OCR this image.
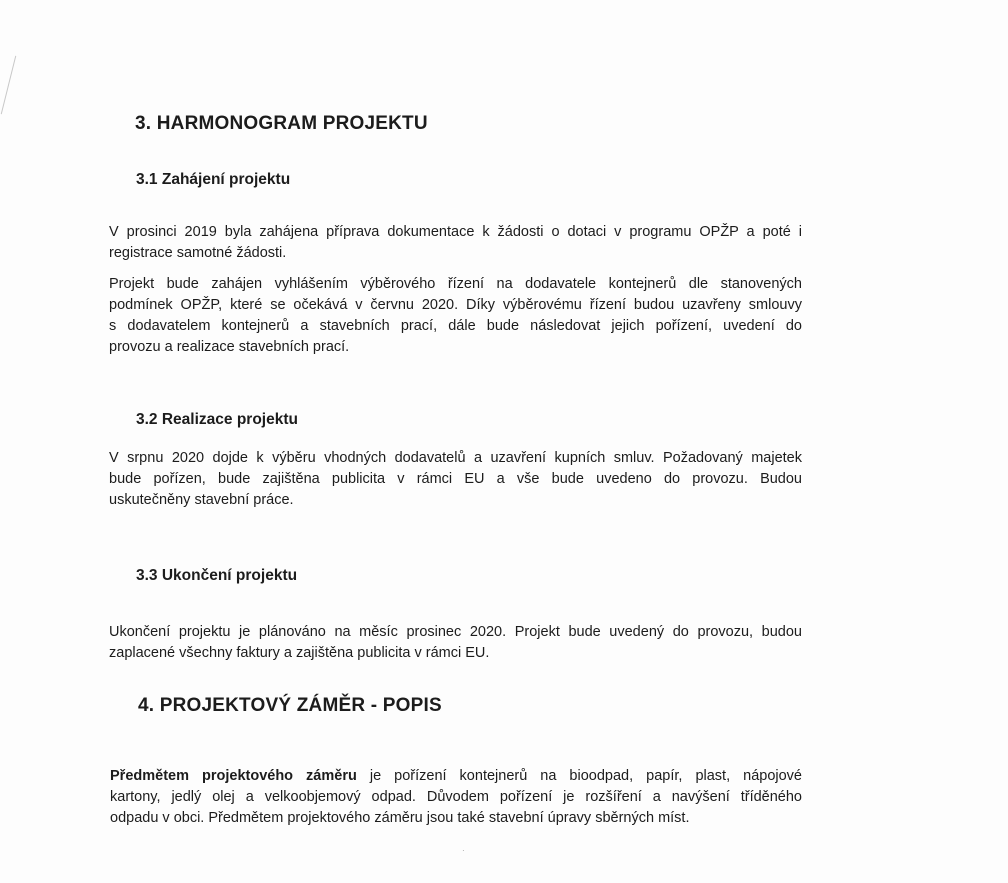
3. HARMONOGRAM PROJEKTU
3.1 Zahájení projektu
V prosinci 2019 byla zahájena příprava dokumentace k žádosti o dotaci v programu OPŽP a poté i
registrace samotné žádosti.
Projekt bude zahájen vyhlášením výběrového řízení na dodavatele kontejnerů dle stanovených
podmínek OPŽP, které se očekává v červnu 2020. Díky výběrovému řízení budou uzavřeny smlouvy
s dodavatelem kontejnerů a stavebních prací, dále bude následovat jejich pořízení, uvedení do
provozu a realizace stavebních prací.
3.2 Realizace projektu
V srpnu 2020 dojde k výběru vhodných dodavatelů a uzavření kupních smluv. Požadovaný majetek
bude pořízen, bude zajištěna publicita v rámci EU a vše bude uvedeno do provozu. Budou
uskutečněny stavební práce.
3.3 Ukončení projektu
Ukončení projektu je plánováno na měsíc prosinec 2020. Projekt bude uvedený do provozu, budou
zaplacené všechny faktury a zajištěna publicita v rámci EU.
4. PROJEKTOVÝ ZÁMĚR - POPIS
Předmětem projektového záměru je pořízení kontejnerů na bioodpad, papír, plast, nápojové
kartony, jedlý olej a velkoobjemový odpad. Důvodem pořízení je rozšíření a navýšení tříděného
odpadu v obci. Předmětem projektového záměru jsou také stavební úpravy sběrných míst.
·
